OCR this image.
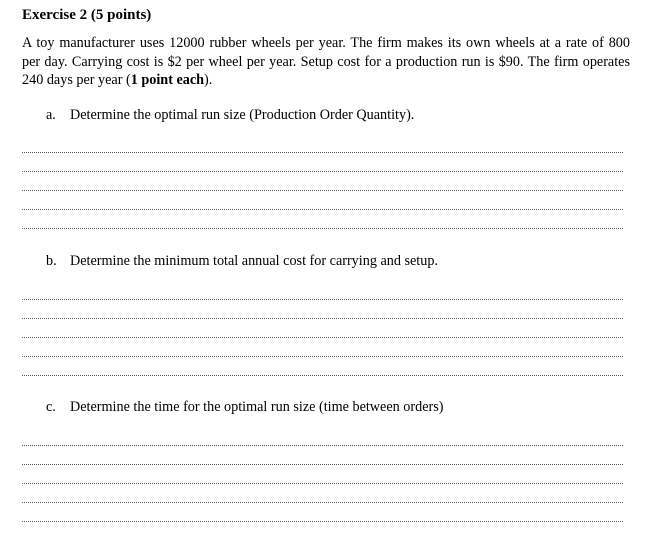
Exercise 2 (5 points)
A toy manufacturer uses 12000 rubber wheels per year. The firm makes its own wheels at a rate of 800
per day. Carrying cost is $2 per wheel per year. Setup cost for a production run is $90. The firm operates
240 days per year (1 point each).
a. Determine the optimal run size (Production Order Quantity).
b. Determine the minimum total annual cost for carrying and setup.
c. Determine the time for the optimal run size (time between orders)
